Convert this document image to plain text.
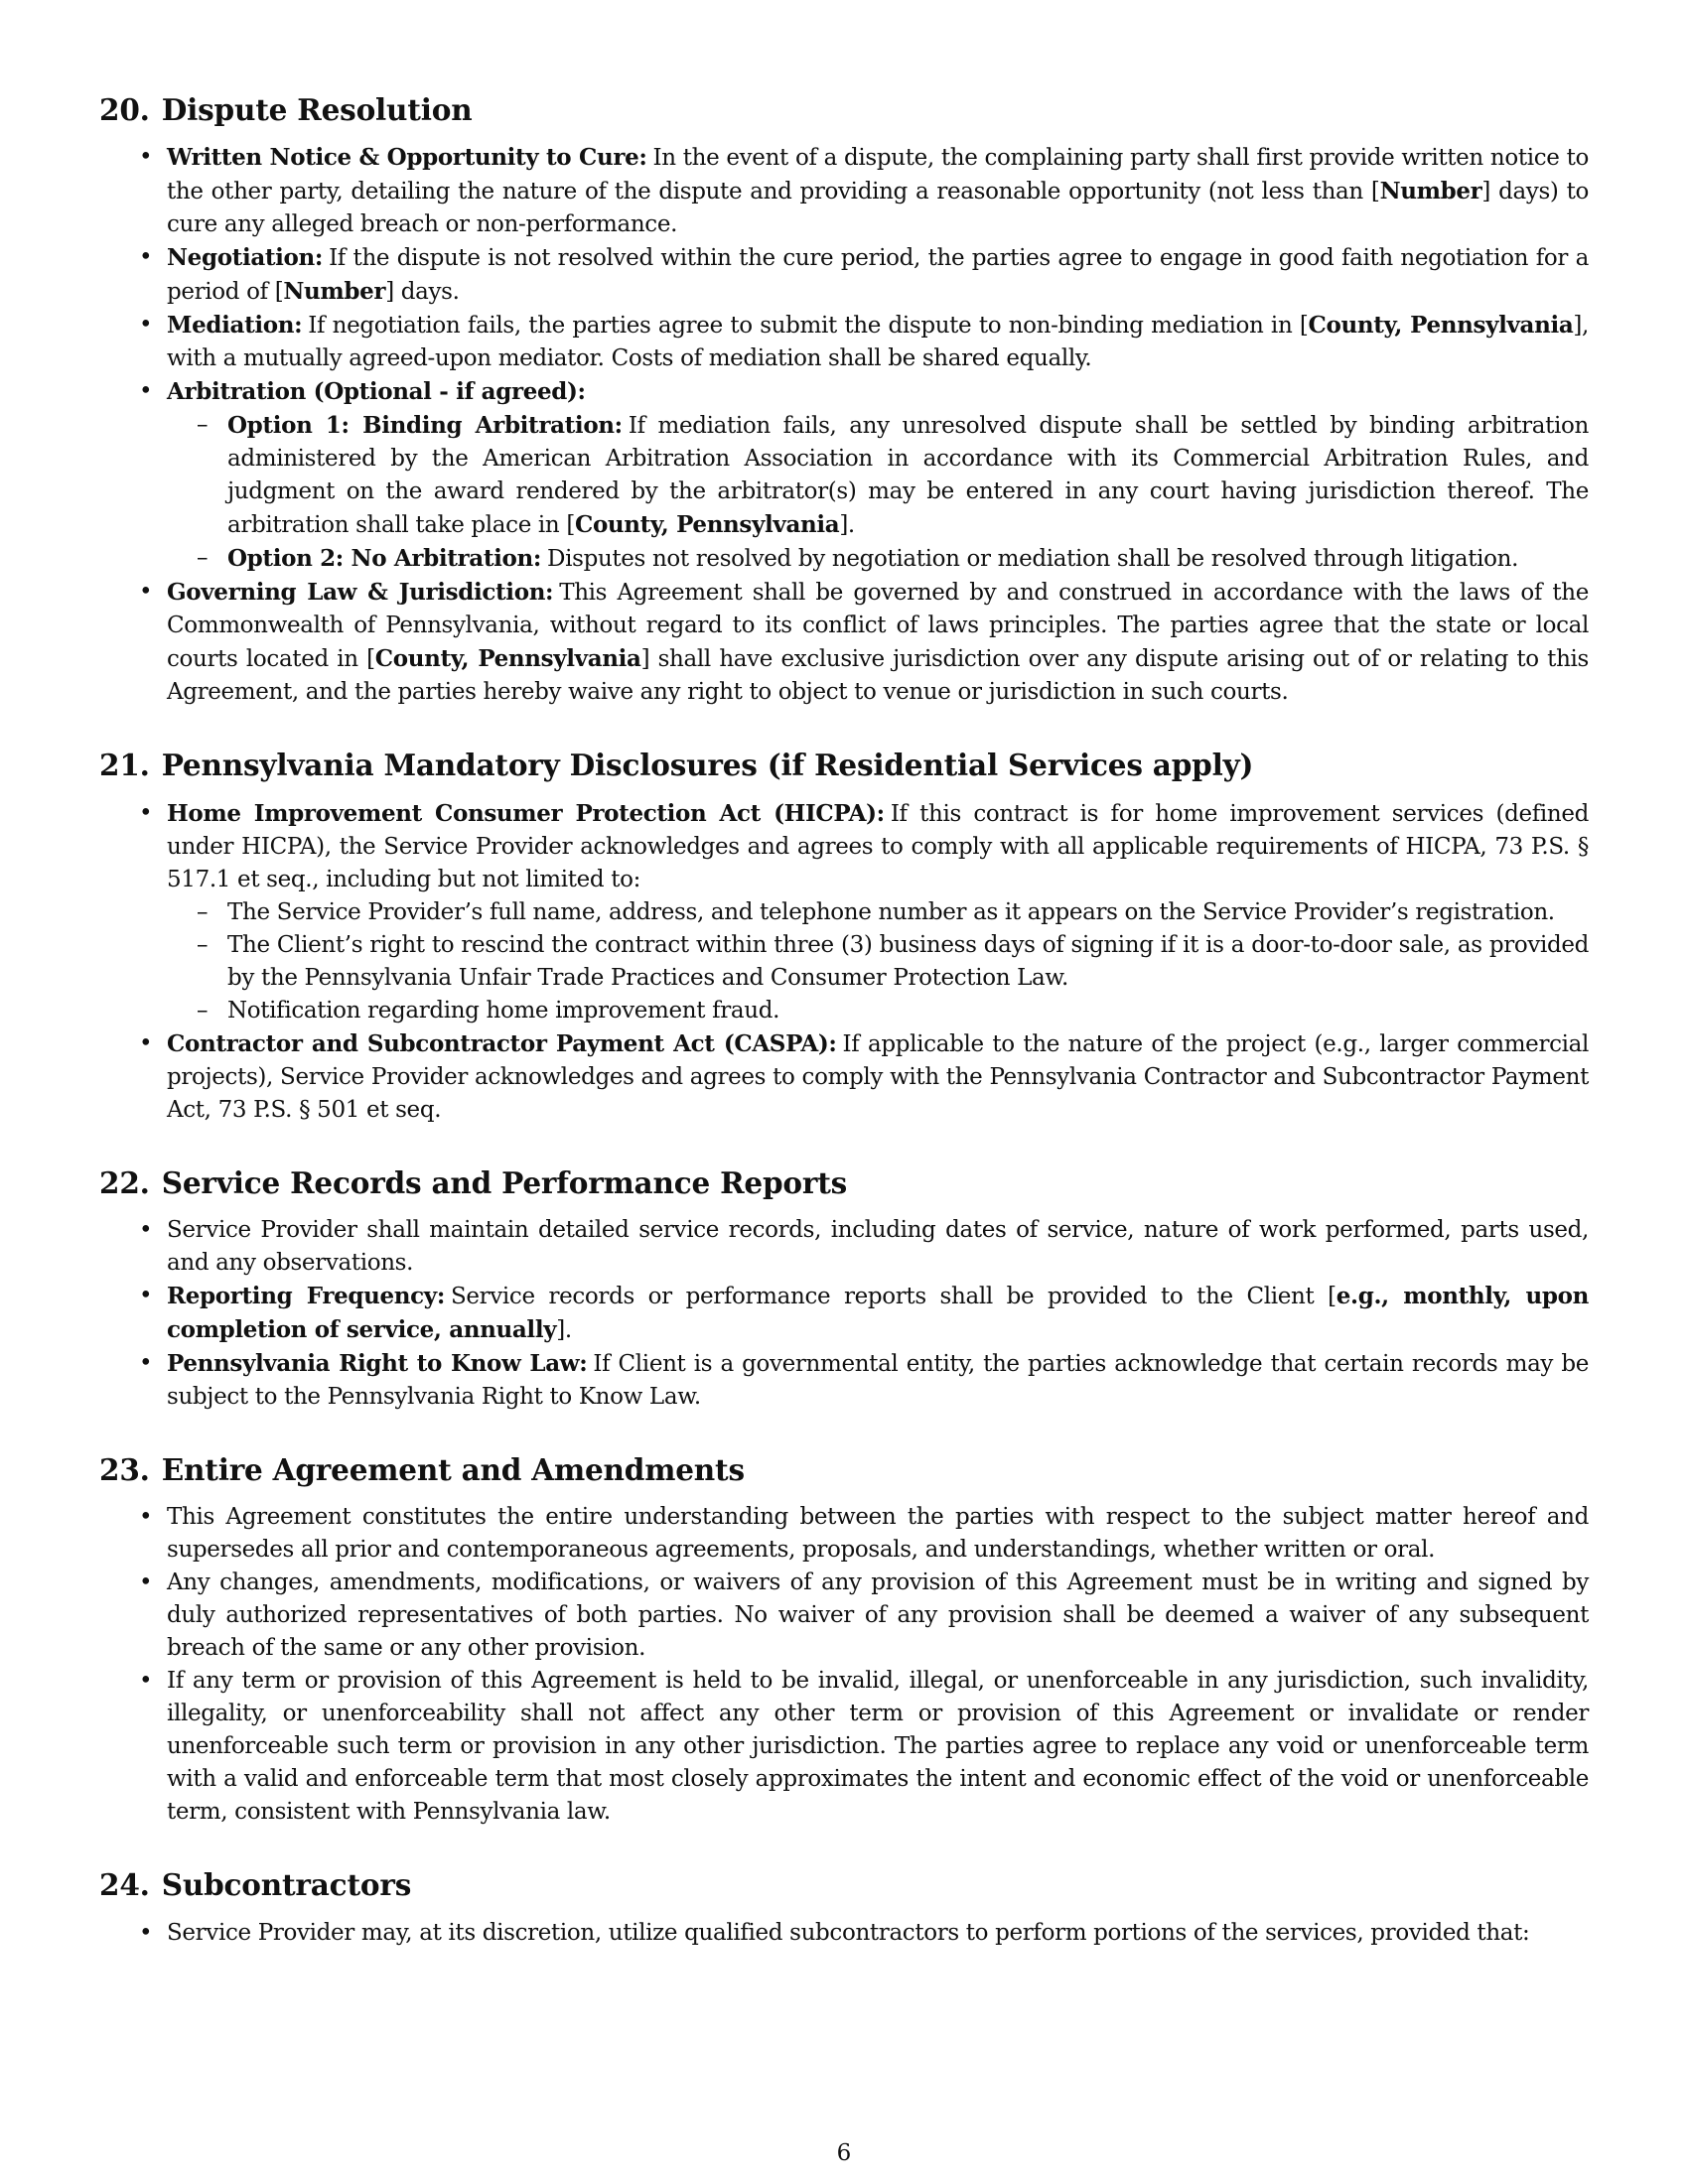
20. Dispute Resolution
• Written Notice & Opportunity to Cure: In the event of a dispute, the complaining party shall first provide written notice to the other party, detailing the nature of the dispute and providing a reasonable opportunity (not less than [Number] days) to cure any alleged breach or non-performance.
• Negotiation: If the dispute is not resolved within the cure period, the parties agree to engage in good faith negotiation for a period of [Number] days.
• Mediation: If negotiation fails, the parties agree to submit the dispute to non-binding mediation in [County, Pennsylvania], with a mutually agreed-upon mediator. Costs of mediation shall be shared equally.
• Arbitration (Optional - if agreed):
– Option 1: Binding Arbitration: If mediation fails, any unresolved dispute shall be settled by binding arbitration administered by the American Arbitration Association in accordance with its Commercial Arbitration Rules, and judgment on the award rendered by the arbitrator(s) may be entered in any court having jurisdiction thereof. The arbitration shall take place in [County, Pennsylvania].
– Option 2: No Arbitration: Disputes not resolved by negotiation or mediation shall be resolved through litigation.
• Governing Law & Jurisdiction: This Agreement shall be governed by and construed in accordance with the laws of the Commonwealth of Pennsylvania, without regard to its conflict of laws principles. The parties agree that the state or local courts located in [County, Pennsylvania] shall have exclusive jurisdiction over any dispute arising out of or relating to this Agreement, and the parties hereby waive any right to object to venue or jurisdiction in such courts.
21. Pennsylvania Mandatory Disclosures (if Residential Services apply)
• Home Improvement Consumer Protection Act (HICPA): If this contract is for home improvement services (defined under HICPA), the Service Provider acknowledges and agrees to comply with all applicable requirements of HICPA, 73 P.S. § 517.1 et seq., including but not limited to:
– The Service Provider’s full name, address, and telephone number as it appears on the Service Provider’s registration.
– The Client’s right to rescind the contract within three (3) business days of signing if it is a door-to-door sale, as provided by the Pennsylvania Unfair Trade Practices and Consumer Protection Law.
– Notification regarding home improvement fraud.
• Contractor and Subcontractor Payment Act (CASPA): If applicable to the nature of the project (e.g., larger commercial projects), Service Provider acknowledges and agrees to comply with the Pennsylvania Contractor and Subcontractor Payment Act, 73 P.S. § 501 et seq.
22. Service Records and Performance Reports
• Service Provider shall maintain detailed service records, including dates of service, nature of work performed, parts used, and any observations.
• Reporting Frequency: Service records or performance reports shall be provided to the Client [e.g., monthly, upon completion of service, annually].
• Pennsylvania Right to Know Law: If Client is a governmental entity, the parties acknowledge that certain records may be subject to the Pennsylvania Right to Know Law.
23. Entire Agreement and Amendments
• This Agreement constitutes the entire understanding between the parties with respect to the subject matter hereof and supersedes all prior and contemporaneous agreements, proposals, and understandings, whether written or oral.
• Any changes, amendments, modifications, or waivers of any provision of this Agreement must be in writing and signed by duly authorized representatives of both parties. No waiver of any provision shall be deemed a waiver of any subsequent breach of the same or any other provision.
• If any term or provision of this Agreement is held to be invalid, illegal, or unenforceable in any jurisdiction, such invalidity, illegality, or unenforceability shall not affect any other term or provision of this Agreement or invalidate or render unenforceable such term or provision in any other jurisdiction. The parties agree to replace any void or unenforceable term with a valid and enforceable term that most closely approximates the intent and economic effect of the void or unenforceable term, consistent with Pennsylvania law.
24. Subcontractors
• Service Provider may, at its discretion, utilize qualified subcontractors to perform portions of the services, provided that:
6
